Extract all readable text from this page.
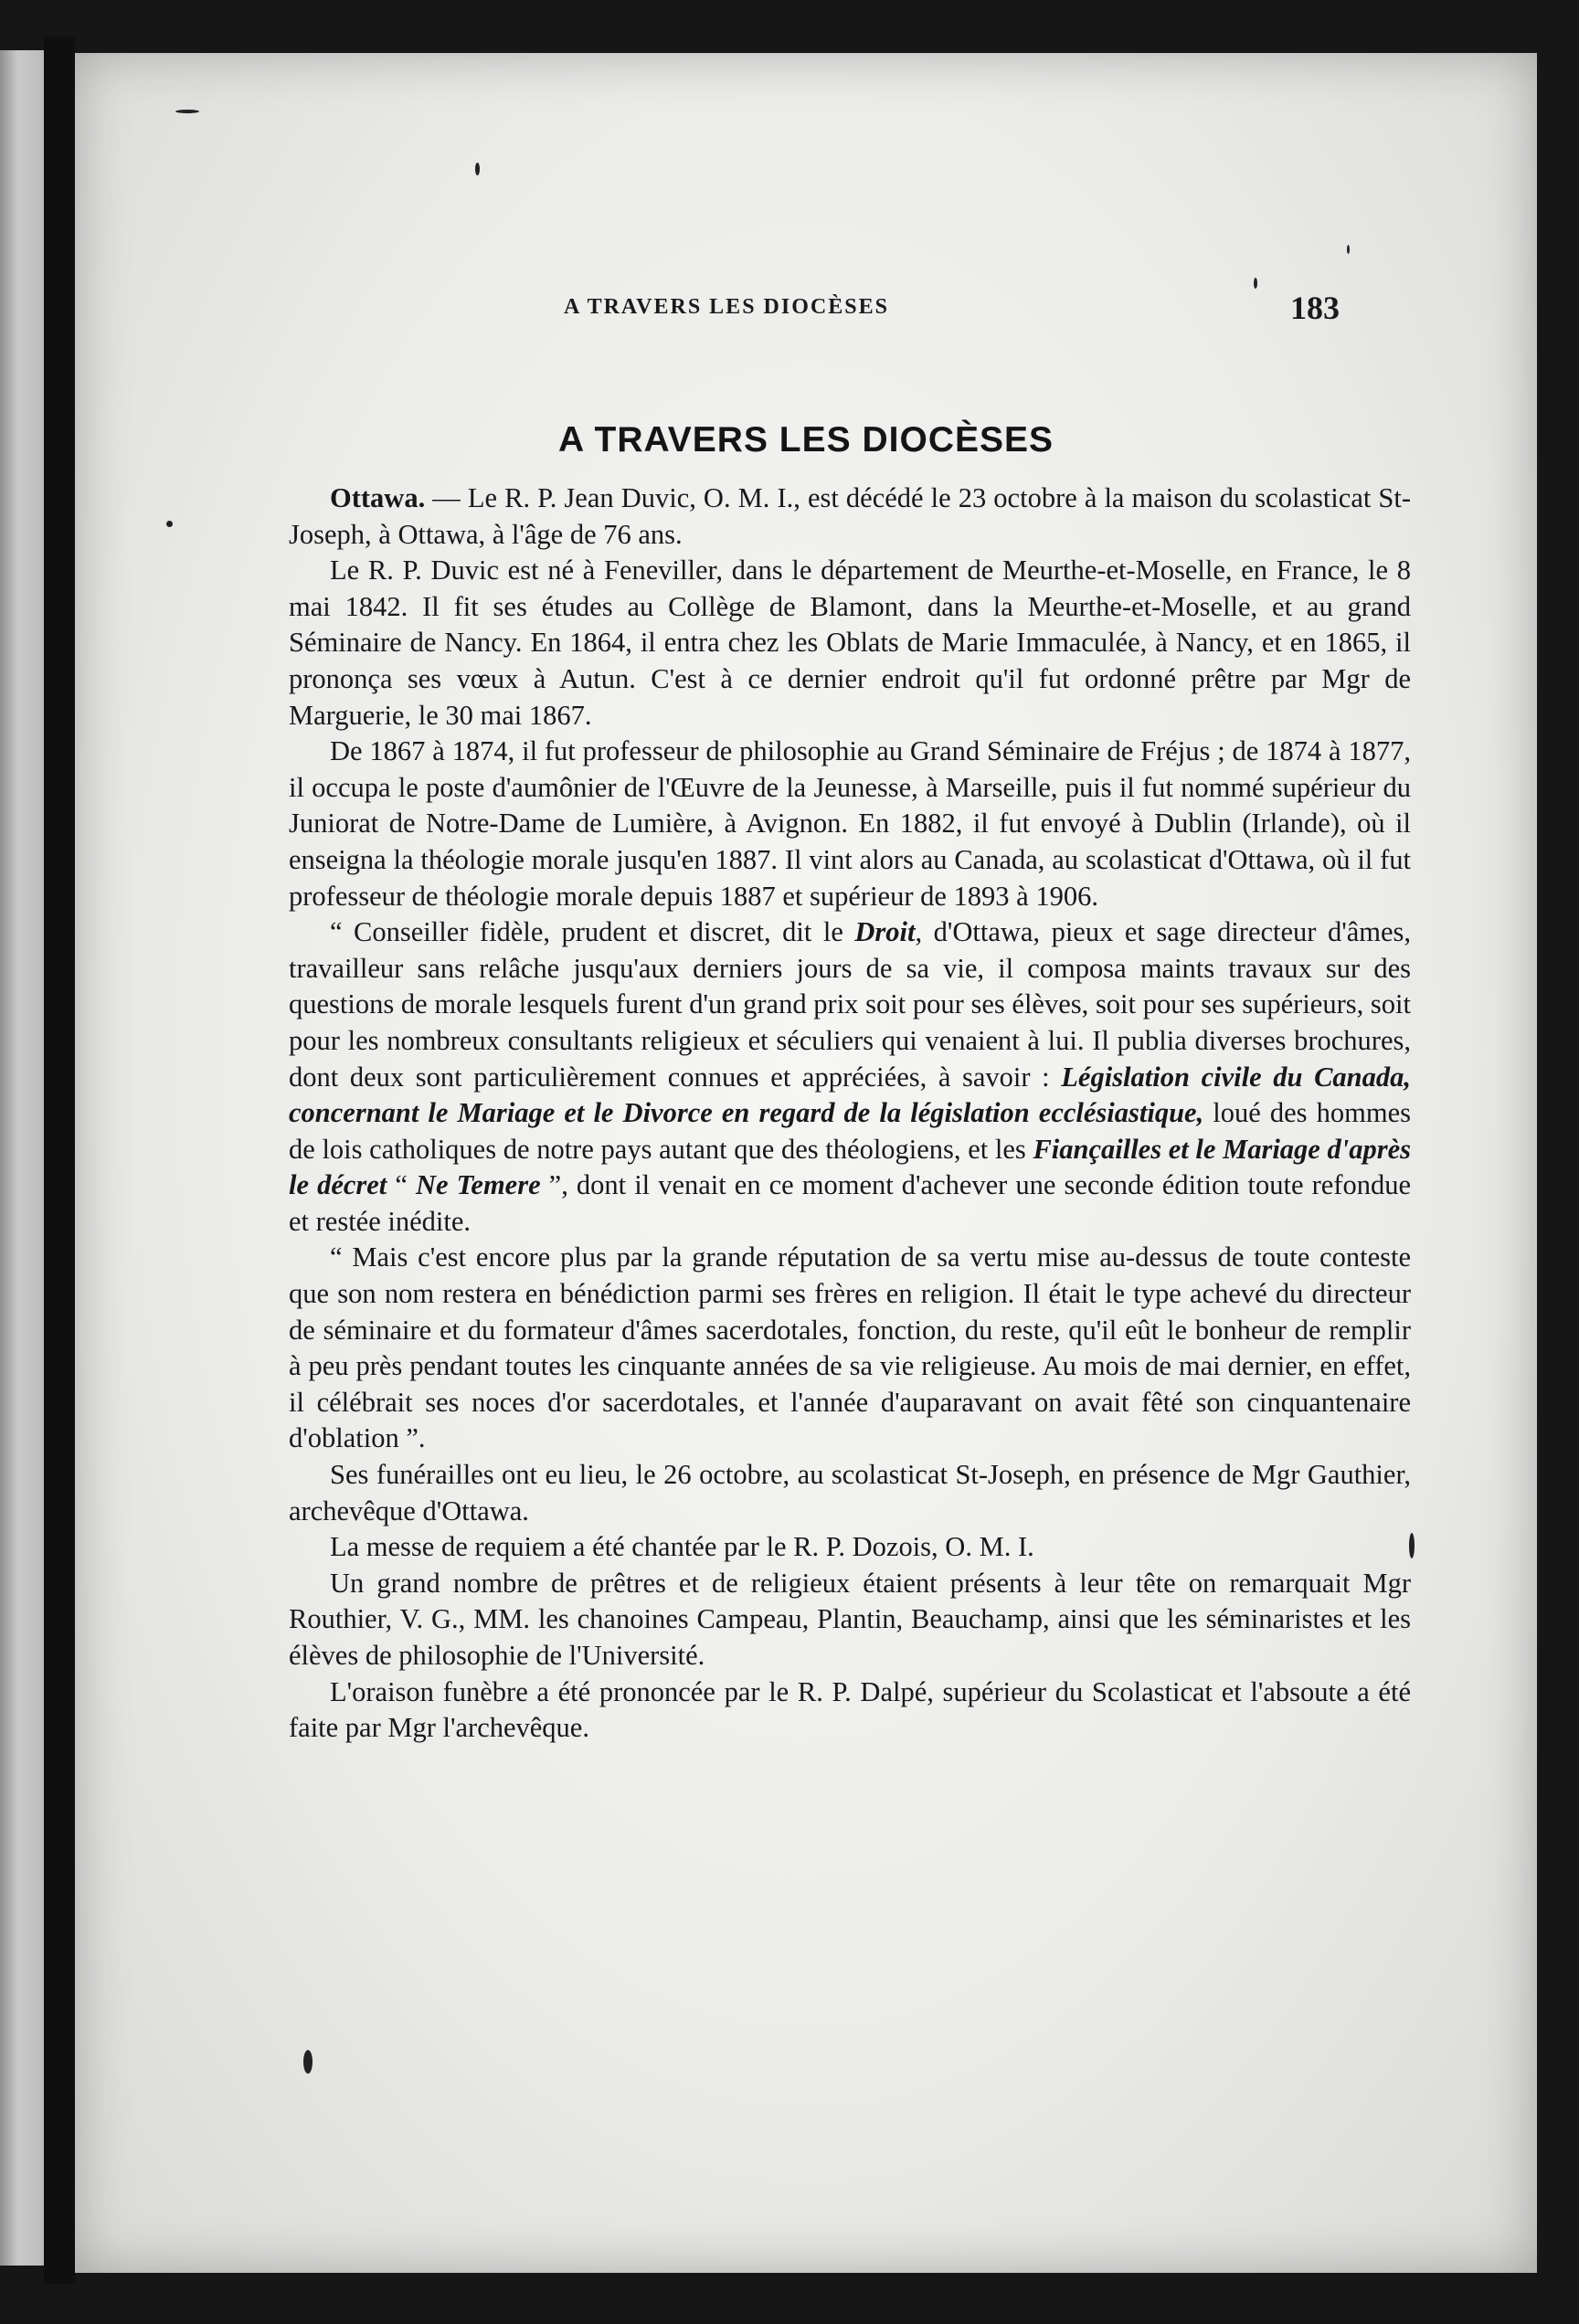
A TRAVERS LES DIOCÈSES	183
A TRAVERS LES DIOCÈSES

Ottawa. — Le R. P. Jean Duvic, O. M. I., est décédé le 23 octobre à la maison du scolasticat St-Joseph, à Ottawa, à l'âge de 76 ans.

Le R. P. Duvic est né à Feneviller, dans le département de Meurthe-et-Moselle, en France, le 8 mai 1842. Il fit ses études au Collège de Blamont, dans la Meurthe-et-Moselle, et au grand Séminaire de Nancy. En 1864, il entra chez les Oblats de Marie Immaculée, à Nancy, et en 1865, il prononça ses vœux à Autun. C'est à ce dernier endroit qu'il fut ordonné prêtre par Mgr de Marguerie, le 30 mai 1867.

De 1867 à 1874, il fut professeur de philosophie au Grand Séminaire de Fréjus ; de 1874 à 1877, il occupa le poste d'aumônier de l'Œuvre de la Jeunesse, à Marseille, puis il fut nommé supérieur du Juniorat de Notre-Dame de Lumière, à Avignon. En 1882, il fut envoyé à Dublin (Irlande), où il enseigna la théologie morale jusqu'en 1887. Il vint alors au Canada, au scolasticat d'Ottawa, où il fut professeur de théologie morale depuis 1887 et supérieur de 1893 à 1906.

“ Conseiller fidèle, prudent et discret, dit le Droit, d'Ottawa, pieux et sage directeur d'âmes, travailleur sans relâche jusqu'aux derniers jours de sa vie, il composa maints travaux sur des questions de morale lesquels furent d'un grand prix soit pour ses élèves, soit pour ses supérieurs, soit pour les nombreux consultants religieux et séculiers qui venaient à lui. Il publia diverses brochures, dont deux sont particulièrement connues et appréciées, à savoir : Législation civile du Canada, concernant le Mariage et le Divorce en regard de la législation ecclésiastique, loué des hommes de lois catholiques de notre pays autant que des théologiens, et les Fiançailles et le Mariage d'après le décret “ Ne Temere ”, dont il venait en ce moment d'achever une seconde édition toute refondue et restée inédite.

“ Mais c'est encore plus par la grande réputation de sa vertu mise au-dessus de toute conteste que son nom restera en bénédiction parmi ses frères en religion. Il était le type achevé du directeur de séminaire et du formateur d'âmes sacerdotales, fonction, du reste, qu'il eût le bonheur de remplir à peu près pendant toutes les cinquante années de sa vie religieuse. Au mois de mai dernier, en effet, il célébrait ses noces d'or sacerdotales, et l'année d'auparavant on avait fêté son cinquantenaire d'oblation ”.

Ses funérailles ont eu lieu, le 26 octobre, au scolasticat St-Joseph, en présence de Mgr Gauthier, archevêque d'Ottawa.

La messe de requiem a été chantée par le R. P. Dozois, O. M. I.

Un grand nombre de prêtres et de religieux étaient présents à leur tête on remarquait Mgr Routhier, V. G., MM. les chanoines Campeau, Plantin, Beauchamp, ainsi que les séminaristes et les élèves de philosophie de l'Université.

L'oraison funèbre a été prononcée par le R. P. Dalpé, supérieur du Scolasticat et l'absoute a été faite par Mgr l'archevêque.
